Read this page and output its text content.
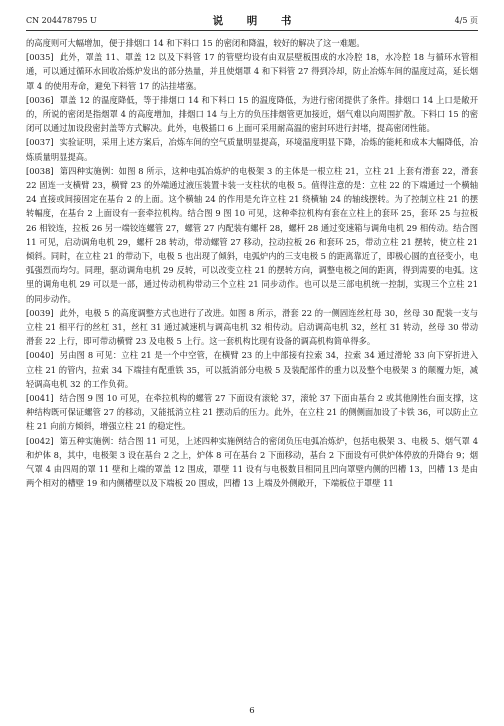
CN 204478795 U	说 明 书	4/5 页

的高度则可大幅增加，便于排烟口 14 和下料口 15 的密闭和降温，较好的解决了这一难题。

[0035] 此外，罩盖 11、罩盖 12 以及下料管 17 的管壁均设有由双层壁板围成的水冷腔 18，水冷腔 18 与循环水管相通，可以通过循环水回收冶炼炉发出的部分热量，并且使烟罩 4 和下料管 27 得到冷却，防止冶炼车间的温度过高，延长烟罩 4 的使用寿命，避免下料管 17 的沾挂堵塞。

[0036] 罩盖 12 的温度降低，等于排烟口 14 和下料口 15 的温度降低，为进行密闭提供了条件。排烟口 14 上口是敞开的，所说的密闭是指烟罩 4 的高度增加，排烟口 14 与上方的负压排烟管更加接近，烟气难以向周围扩散。下料口 15 的密闭可以通过加设段密封盖等方式解决。此外，电极插口 6 上面可采用耐高温的密封环进行封堵，提高密闭性能。

[0037] 实验证明，采用上述方案后，冶炼车间的空气质量明显提高，环境温度明显下降，冶炼的能耗和成本大幅降低，冶炼质量明显提高。

[0038] 第四种实施例：如图 8 所示，这种电弧冶炼炉的电极架 3 的主体是一根立柱 21，立柱 21 上套有滑套 22，滑套 22 固连一支横臂 23，横臂 23 的外端通过液压装置卡装一支柱状的电极 5。值得注意的是：立柱 22 的下端通过一个横轴 24 直接或间接固定在基台 2 的上面。这个横轴 24 的作用是允许立柱 21 绕横轴 24 的轴线摆转。为了控制立柱 21 的摆转幅度，在基台 2 上面设有一套牵拉机构。结合图 9 图 10 可见，这种牵拉机构有套在立柱上的套环 25，套环 25 与拉板 26 相铰连，拉板 26 另一端铰连螺管 27，螺管 27 内配装有螺杆 28，螺杆 28 通过变速箱与调角电机 29 相传动。结合图 11 可见，启动调角电机 29，螺杆 28 转动，带动螺管 27 移动，拉动拉板 26 和套环 25，带动立柱 21 摆转，使立柱 21 倾斜。同时，在立柱 21 的带动下，电极 5 也出现了倾斜，电弧炉内的三支电极 5 的距离靠近了，即极心圆的直径变小，电弧强烈而均匀。同理，驱动调角电机 29 反转，可以改变立柱 21 的摆转方向，调整电极之间的距离，得到需要的电弧。这里的调角电机 29 可以是一部，通过传动机构带动三个立柱 21 同步动作。也可以是三部电机统一控制，实现三个立柱 21 的同步动作。

[0039] 此外，电极 5 的高度调整方式也进行了改进。如图 8 所示，滑套 22 的一侧固连丝杠母 30，丝母 30 配装一支与立柱 21 相平行的丝杠 31，丝杠 31 通过减速机与调高电机 32 相传动。启动调高电机 32，丝杠 31 转动，丝母 30 带动滑套 22 上行，即可带动横臂 23 及电极 5 上行。这一套机构比现有设备的调高机构简单得多。

[0040] 另由图 8 可见：立柱 21 是一个中空管，在横臂 23 的上中部接有拉索 34，拉索 34 通过滑轮 33 向下穿折进入立柱 21 的管内，拉索 34 下端挂有配重铁 35，可以抵消部分电极 5 及装配部件的重力以及整个电极架 3 的颠覆力矩，减轻调高电机 32 的工作负荷。

[0041] 结合图 9 图 10 可见，在牵拉机构的螺管 27 下面设有滚轮 37，滚轮 37 下面由基台 2 或其他刚性台面支撑，这种结构既可保证螺管 27 的移动，又能抵消立柱 21 摆动后的压力。此外，在立柱 21 的侧侧面加设了卡铁 36，可以防止立柱 21 向前方倾斜，增强立柱 21 的稳定性。

[0042] 第五种实施例：结合图 11 可见，上述四种实施例结合的密闭负压电弧冶炼炉，包括电极架 3、电极 5、烟气罩 4 和炉体 8，其中，电极架 3 设在基台 2 之上，炉体 8 可在基台 2 下面移动，基台 2 下面设有可供炉体停放的升降台 9；烟气罩 4 由四周的罩 11 壁和上端的罩盖 12 围成，罩壁 11 设有与电极数目相同且凹向罩壁内侧的凹槽 13，凹槽 13 是由两个相对的槽壁 19 和内侧槽壁以及下端板 20 围成，凹槽 13 上端及外侧敞开，下端板位于罩壁 11

6
